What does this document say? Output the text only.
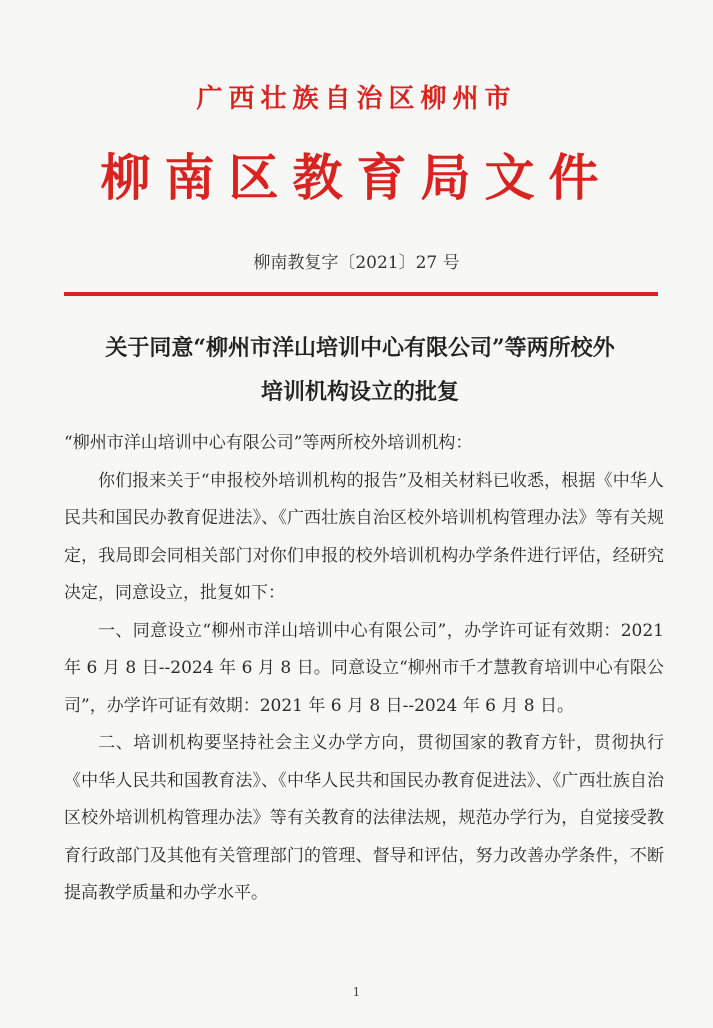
广西壮族自治区柳州市
柳南区教育局文件
柳南教复字〔2021〕27 号
关于同意“柳州市洋山培训中心有限公司”等两所校外
培训机构设立的批复

“柳州市洋山培训中心有限公司”等两所校外培训机构：

你们报来关于“申报校外培训机构的报告”及相关材料已收悉，根据《中华人民共和国民办教育促进法》、《广西壮族自治区校外培训机构管理办法》等有关规定，我局即会同相关部门对你们申报的校外培训机构办学条件进行评估，经研究决定，同意设立，批复如下：

一、同意设立“柳州市洋山培训中心有限公司”，办学许可证有效期：2021 年 6 月 8 日--2024 年 6 月 8 日。同意设立“柳州市千才慧教育培训中心有限公司”，办学许可证有效期：2021 年 6 月 8 日--2024 年 6 月 8 日。

二、培训机构要坚持社会主义办学方向，贯彻国家的教育方针，贯彻执行《中华人民共和国教育法》、《中华人民共和国民办教育促进法》、《广西壮族自治区校外培训机构管理办法》等有关教育的法律法规，规范办学行为，自觉接受教育行政部门及其他有关管理部门的管理、督导和评估，努力改善办学条件，不断提高教学质量和办学水平。

1
